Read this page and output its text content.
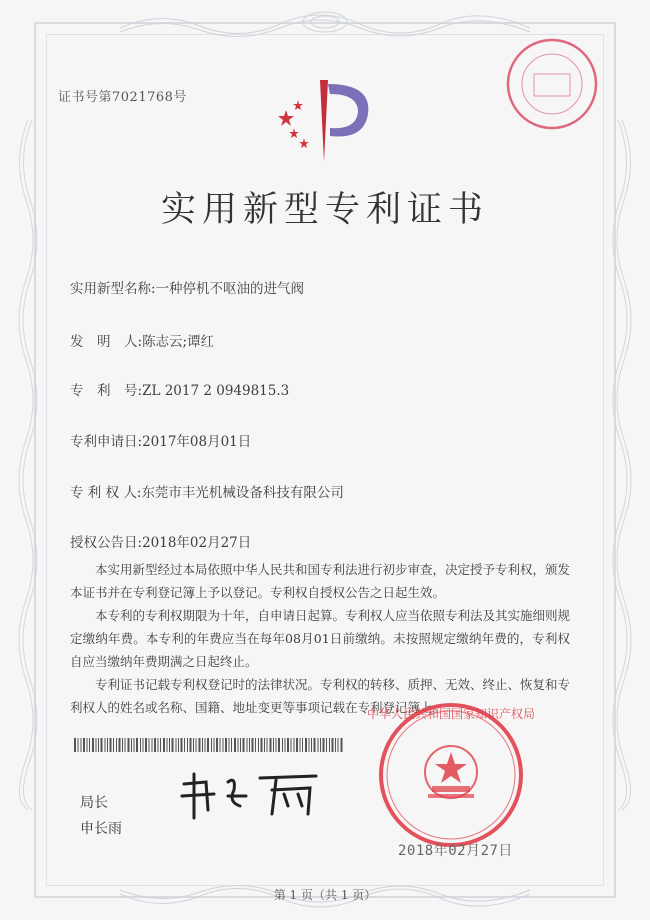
证书号第7021768号
实用新型专利证书
实用新型名称:一种停机不呕油的进气阀
发　明　人:陈志云;谭红
专　利　号:ZL 2017 2 0949815.3
专利申请日:2017年08月01日
专 利 权 人:东莞市丰光机械设备科技有限公司
授权公告日:2018年02月27日

本实用新型经过本局依照中华人民共和国专利法进行初步审查，决定授予专利权，颁发本证书并在专利登记簿上予以登记。专利权自授权公告之日起生效。

本专利的专利权期限为十年，自申请日起算。专利权人应当依照专利法及其实施细则规定缴纳年费。本专利的年费应当在每年08月01日前缴纳。未按照规定缴纳年费的，专利权自应当缴纳年费期满之日起终止。

专利证书记载专利权登记时的法律状况。专利权的转移、质押、无效、终止、恢复和专利权人的姓名或名称、国籍、地址变更等事项记载在专利登记簿上。

局长
申长雨
中华人民共和国国家知识产权局
2018年02月27日
第 1 页（共 1 页）
